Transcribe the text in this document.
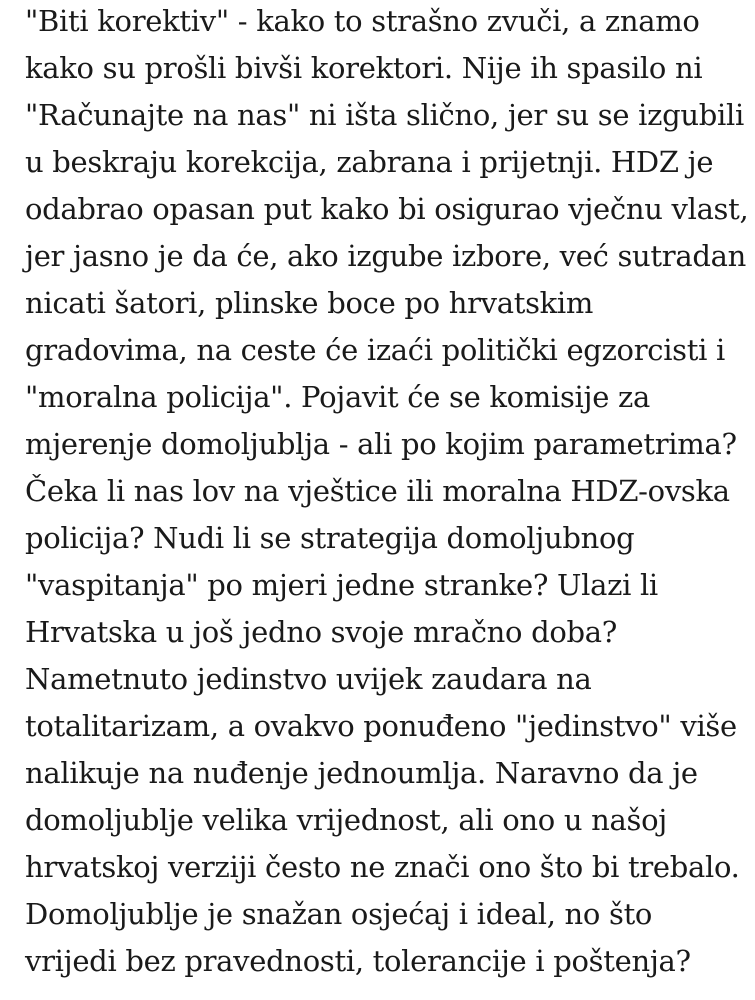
"Biti korektiv" - kako to strašno zvuči, a znamo
kako su prošli bivši korektori. Nije ih spasilo ni
"Računajte na nas" ni išta slično, jer su se izgubili
u beskraju korekcija, zabrana i prijetnji. HDZ je
odabrao opasan put kako bi osigurao vječnu vlast,
jer jasno je da će, ako izgube izbore, već sutradan
nicati šatori, plinske boce po hrvatskim
gradovima, na ceste će izaći politički egzorcisti i
"moralna policija". Pojavit će se komisije za
mjerenje domoljublja - ali po kojim parametrima?
Čeka li nas lov na vještice ili moralna HDZ-ovska
policija? Nudi li se strategija domoljubnog
"vaspitanja" po mjeri jedne stranke? Ulazi li
Hrvatska u još jedno svoje mračno doba?
Nametnuto jedinstvo uvijek zaudara na
totalitarizam, a ovakvo ponuđeno "jedinstvo" više
nalikuje na nuđenje jednoumlja. Naravno da je
domoljublje velika vrijednost, ali ono u našoj
hrvatskoj verziji često ne znači ono što bi trebalo.
Domoljublje je snažan osjećaj i ideal, no što
vrijedi bez pravednosti, tolerancije i poštenja?
